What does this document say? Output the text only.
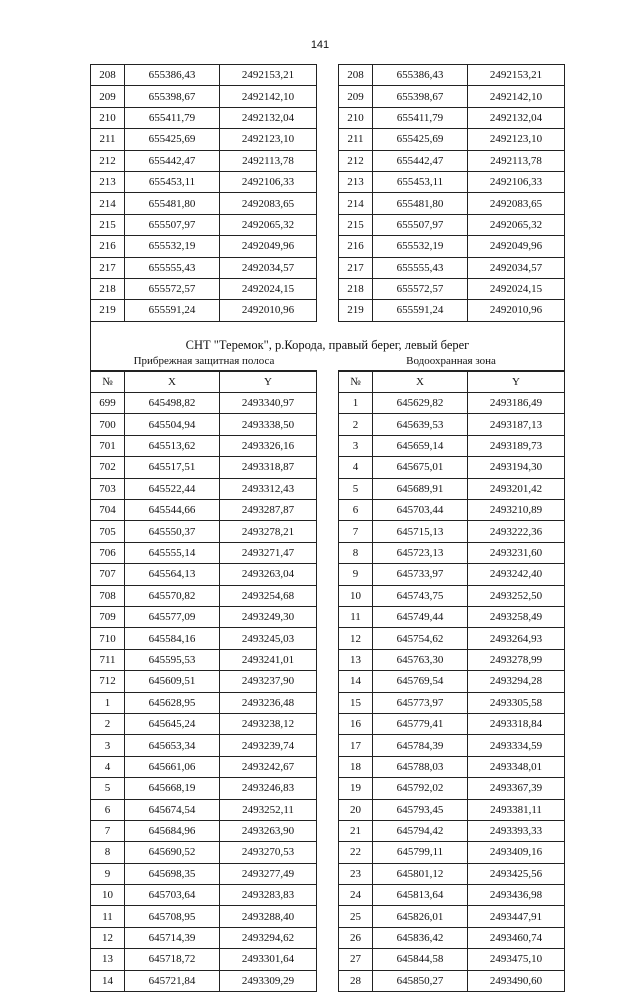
141
208	655386,43	2492153,21
209	655398,67	2492142,10
210	655411,79	2492132,04
211	655425,69	2492123,10
212	655442,47	2492113,78
213	655453,11	2492106,33
214	655481,80	2492083,65
215	655507,97	2492065,32
216	655532,19	2492049,96
217	655555,43	2492034,57
218	655572,57	2492024,15
219	655591,24	2492010,96
208	655386,43	2492153,21
209	655398,67	2492142,10
210	655411,79	2492132,04
211	655425,69	2492123,10
212	655442,47	2492113,78
213	655453,11	2492106,33
214	655481,80	2492083,65
215	655507,97	2492065,32
216	655532,19	2492049,96
217	655555,43	2492034,57
218	655572,57	2492024,15
219	655591,24	2492010,96
СНТ "Теремок", р.Корода, правый берег, левый берег
Прибрежная защитная полоса	Водоохранная зона
№	X	Y
699	645498,82	2493340,97
700	645504,94	2493338,50
701	645513,62	2493326,16
702	645517,51	2493318,87
703	645522,44	2493312,43
704	645544,66	2493287,87
705	645550,37	2493278,21
706	645555,14	2493271,47
707	645564,13	2493263,04
708	645570,82	2493254,68
709	645577,09	2493249,30
710	645584,16	2493245,03
711	645595,53	2493241,01
712	645609,51	2493237,90
1	645628,95	2493236,48
2	645645,24	2493238,12
3	645653,34	2493239,74
4	645661,06	2493242,67
5	645668,19	2493246,83
6	645674,54	2493252,11
7	645684,96	2493263,90
8	645690,52	2493270,53
9	645698,35	2493277,49
10	645703,64	2493283,83
11	645708,95	2493288,40
12	645714,39	2493294,62
13	645718,72	2493301,64
14	645721,84	2493309,29
№	X	Y
1	645629,82	2493186,49
2	645639,53	2493187,13
3	645659,14	2493189,73
4	645675,01	2493194,30
5	645689,91	2493201,42
6	645703,44	2493210,89
7	645715,13	2493222,36
8	645723,13	2493231,60
9	645733,97	2493242,40
10	645743,75	2493252,50
11	645749,44	2493258,49
12	645754,62	2493264,93
13	645763,30	2493278,99
14	645769,54	2493294,28
15	645773,97	2493305,58
16	645779,41	2493318,84
17	645784,39	2493334,59
18	645788,03	2493348,01
19	645792,02	2493367,39
20	645793,45	2493381,11
21	645794,42	2493393,33
22	645799,11	2493409,16
23	645801,12	2493425,56
24	645813,64	2493436,98
25	645826,01	2493447,91
26	645836,42	2493460,74
27	645844,58	2493475,10
28	645850,27	2493490,60
